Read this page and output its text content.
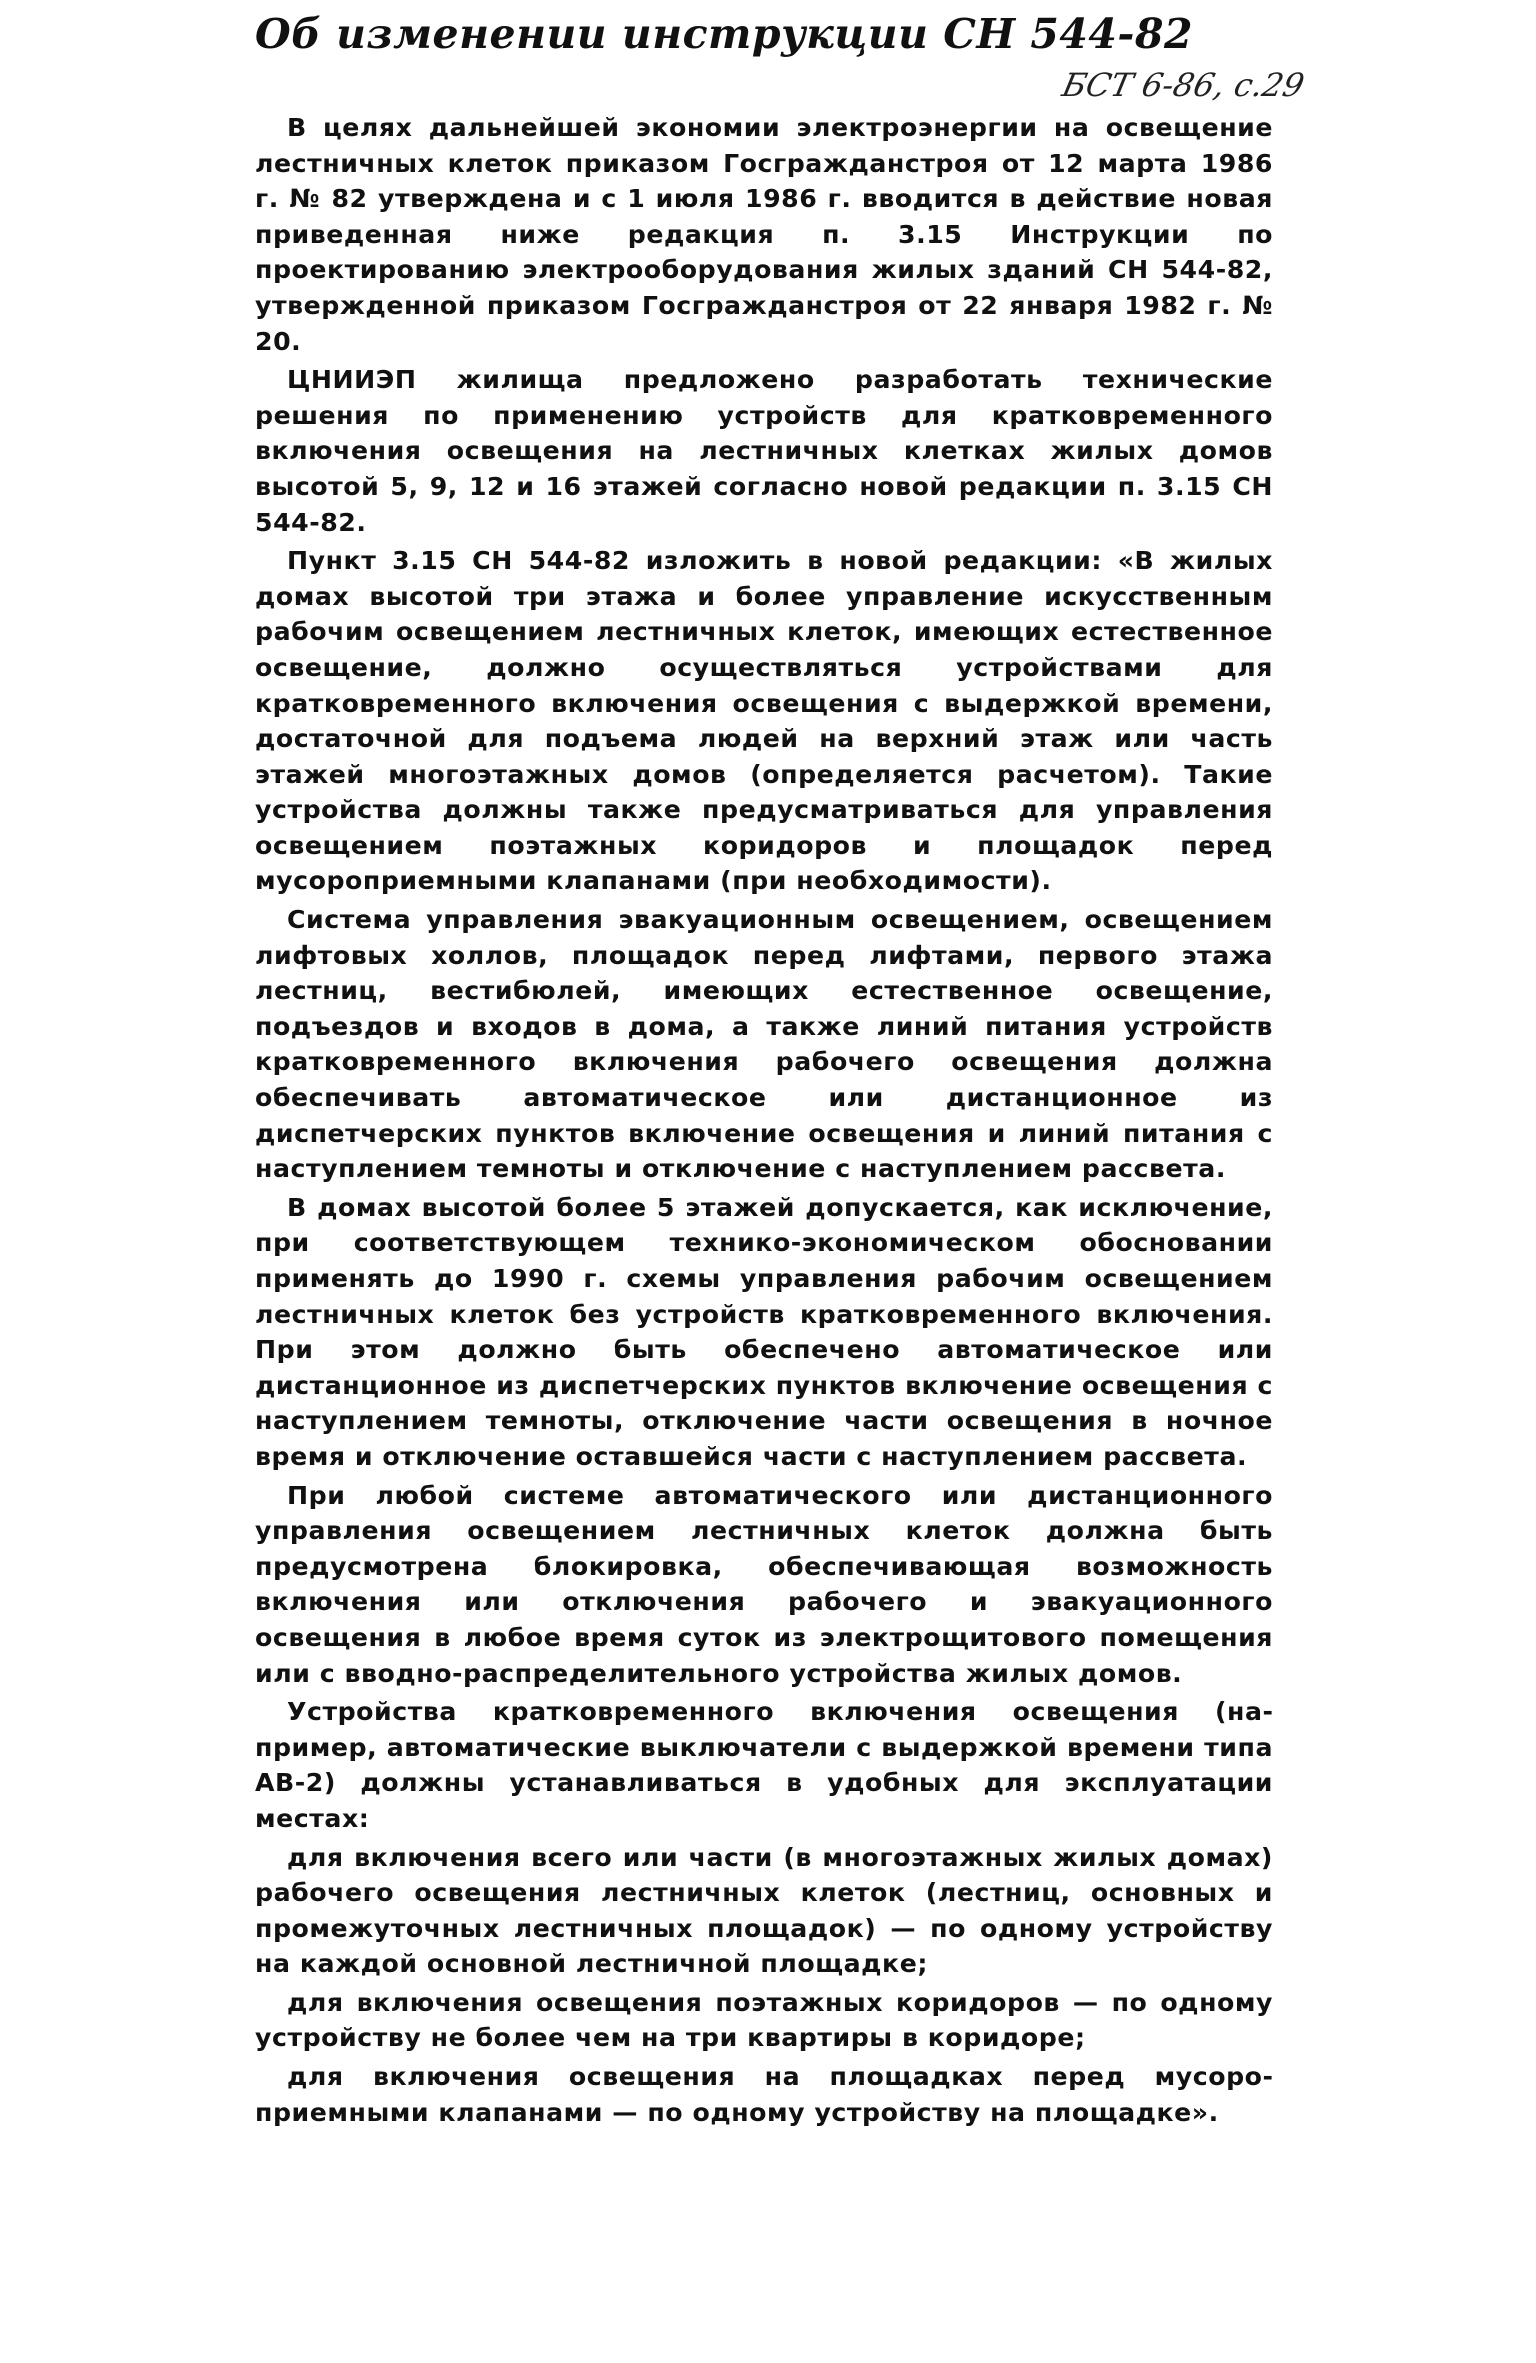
Об изменении инструкции СН 544-82
БСТ 6-86, с.29

В целях дальнейшей экономии электроэнергии на освещение лестничных клеток приказом Госгражданстроя от 12 марта 1986 г. № 82 утверждена и с 1 июля 1986 г. вводится в действие новая приведенная ниже редакция п. 3.15 Инструкции по проектированию электрооборудования жилых зданий СН 544-82, утвержденной приказом Госгражданстроя от 22 января 1982 г. № 20.

ЦНИИЭП жилища предложено разработать технические решения по применению устройств для кратковременного включения освещения на лестничных клетках жилых домов высотой 5, 9, 12 и 16 этажей согласно новой редакции п. 3.15 СН 544-82.

Пункт 3.15 СН 544-82 изложить в новой редакции: «В жилых домах высотой три этажа и более управление искусственным рабочим освещением лестничных клеток, имеющих естественное освещение, должно осуществляться устройствами для кратковременного включения освещения с выдержкой времени, достаточной для подъема людей на верхний этаж или часть этажей многоэтажных домов (определяется расчетом). Такие устройства должны также предусматриваться для управления освещением поэтажных коридоров и площадок перед мусороприемными клапанами (при необходимости).

Система управления эвакуационным освещением, освещением лифтовых холлов, площадок перед лифтами, первого этажа лестниц, вестибюлей, имеющих естественное освещение, подъездов и входов в дома, а также линий питания устройств кратковременного включения рабочего освещения должна обеспечивать автоматическое или дистанционное из диспетчерских пунктов включение освещения и линий питания с наступлением темноты и отключение с наступлением рассвета.

В домах высотой более 5 этажей допускается, как исключение, при соответствующем технико-экономическом обосновании применять до 1990 г. схемы управления рабочим освещением лестничных клеток без устройств кратковременного включения. При этом должно быть обеспечено автоматическое или дистанционное из диспетчерских пунктов включение освещения с наступлением темноты, отключение части освещения в ночное время и отключение оставшейся части с наступлением рассвета.

При любой системе автоматического или дистанционного управления освещением лестничных клеток должна быть предусмотрена блокировка, обеспечивающая возможность включения или отключения рабочего и эвакуационного освещения в любое время суток из электрощитового помещения или с вводно-распределительного устройства жилых домов.

Устройства кратковременного включения освещения (например, автоматические выключатели с выдержкой времени типа АВ-2) должны устанавливаться в удобных для эксплуатации местах:

для включения всего или части (в многоэтажных жилых домах) рабочего освещения лестничных клеток (лестниц, основных и промежуточных лестничных площадок) — по одному устройству на каждой основной лестничной площадке;

для включения освещения поэтажных коридоров — по одному устройству не более чем на три квартиры в коридоре;

для включения освещения на площадках перед мусороприемными клапанами — по одному устройству на площадке».
